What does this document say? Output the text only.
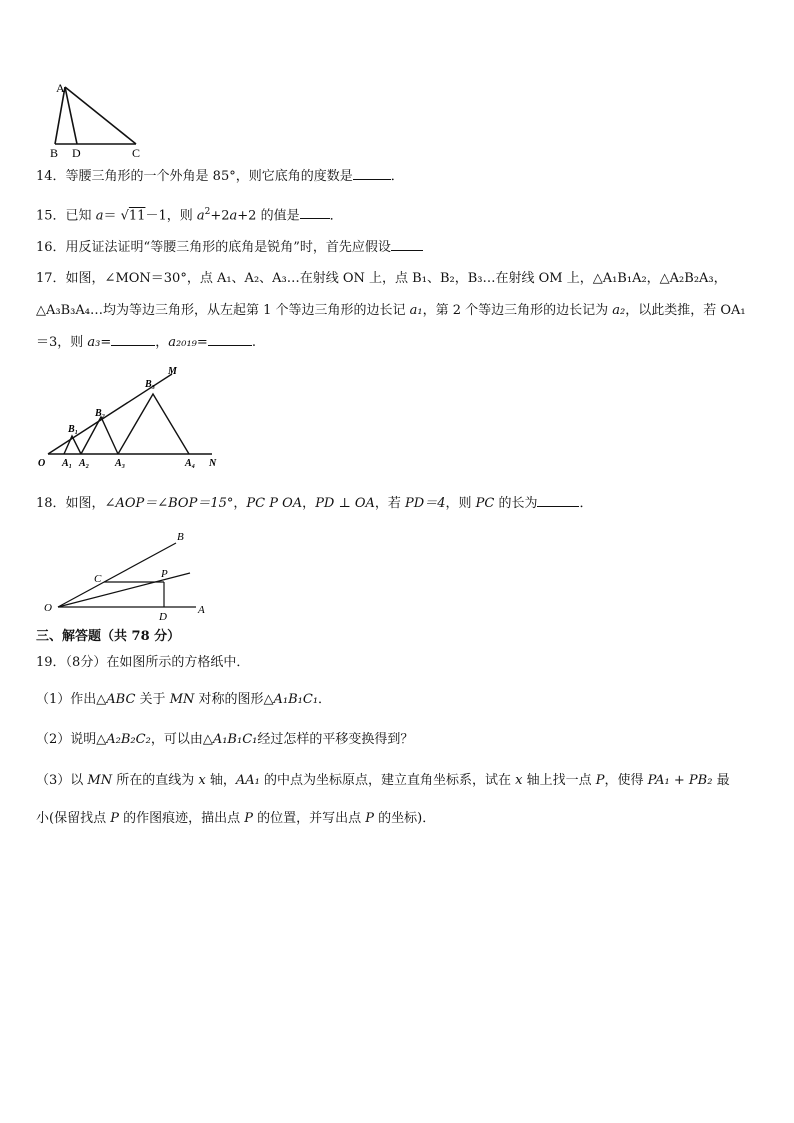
A
B D	C
14．等腰三角形的一个外角是 85°，则它底角的度数是	．
15．已知 a＝ √11－1，则 $a^2+2a+2$ 的值是 ．
16．用反证法证明“等腰三角形的底角是锐角”时，首先应假设
17．如图，∠MON＝30°，点 A₁、A₂、A₃…在射线 ON 上，点 B₁、B₂，B₃…在射线 OM 上，△A₁B₁A₂，△A₂B₂A₃，
△A₃B₃A₄…均为等边三角形，从左起第 1 个等边三角形的边长记 a₁，第 2 个等边三角形的边长记为 a₂，以此类推，若 OA₁
＝3，则 a₃=	，a₂₀₁₉=	.
O	N
M
A₁ A₂	A₃	A₄
B₁
B₂
B₃
18．如图，∠AOP＝∠BOP＝15°，PC P OA，PD ⊥ OA，若 PD＝4，则 PC 的长为	．
B
C	P
O
D
A
三、解答题（共 78 分）
19．（8分）在如图所示的方格纸中．
（1）作出△ABC 关于 MN 对称的图形△A₁B₁C₁．
（2）说明△A₂B₂C₂，可以由△A₁B₁C₁经过怎样的平移变换得到？
（3）以 MN 所在的直线为 x 轴，AA₁ 的中点为坐标原点，建立直角坐标系，试在 x 轴上找一点 P，使得 PA₁ + PB₂ 最
小(保留找点 P 的作图痕迹，描出点 P 的位置，并写出点 P 的坐标)．
